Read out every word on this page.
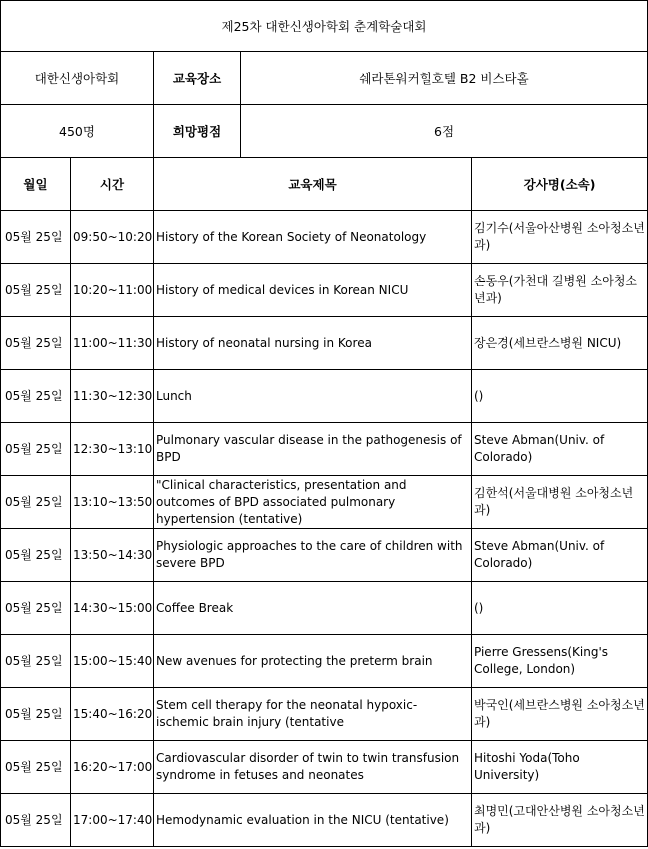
제25차 대한신생아학회 춘계학술대회				
대한신생아학회		교육장소	쉐라톤워커힐호텔 B2 비스타홀	
450명		희망평점	6점	
월일	시간	교육제목		강사명(소속)
05월 25일	09:50~10:20	History of the Korean Society of Neonatology		김기수(서울아산병원 소아청소년과)
05월 25일	10:20~11:00	History of medical devices in Korean NICU		손동우(가천대 길병원 소아청소년과)
05월 25일	11:00~11:30	History of neonatal nursing in Korea		장은경(세브란스병원 NICU)
05월 25일	11:30~12:30	Lunch		()
05월 25일	12:30~13:10	Pulmonary vascular disease in the pathogenesis of BPD		Steve Abman(Univ. of Colorado)
05월 25일	13:10~13:50	"Clinical characteristics, presentation and outcomes of BPD associated pulmonary hypertension (tentative)		김한석(서울대병원 소아청소년과)
05월 25일	13:50~14:30	Physiologic approaches to the care of children with severe BPD		Steve Abman(Univ. of Colorado)
05월 25일	14:30~15:00	Coffee Break		()
05월 25일	15:00~15:40	New avenues for protecting the preterm brain		Pierre Gressens(King's College, London)
05월 25일	15:40~16:20	Stem cell therapy for the neonatal hypoxic-ischemic brain injury (tentative		박국인(세브란스병원 소아청소년과)
05월 25일	16:20~17:00	Cardiovascular disorder of twin to twin transfusion syndrome in fetuses and neonates		Hitoshi Yoda(Toho University)
05월 25일	17:00~17:40	Hemodynamic evaluation in the NICU (tentative)		최명민(고대안산병원 소아청소년과)
